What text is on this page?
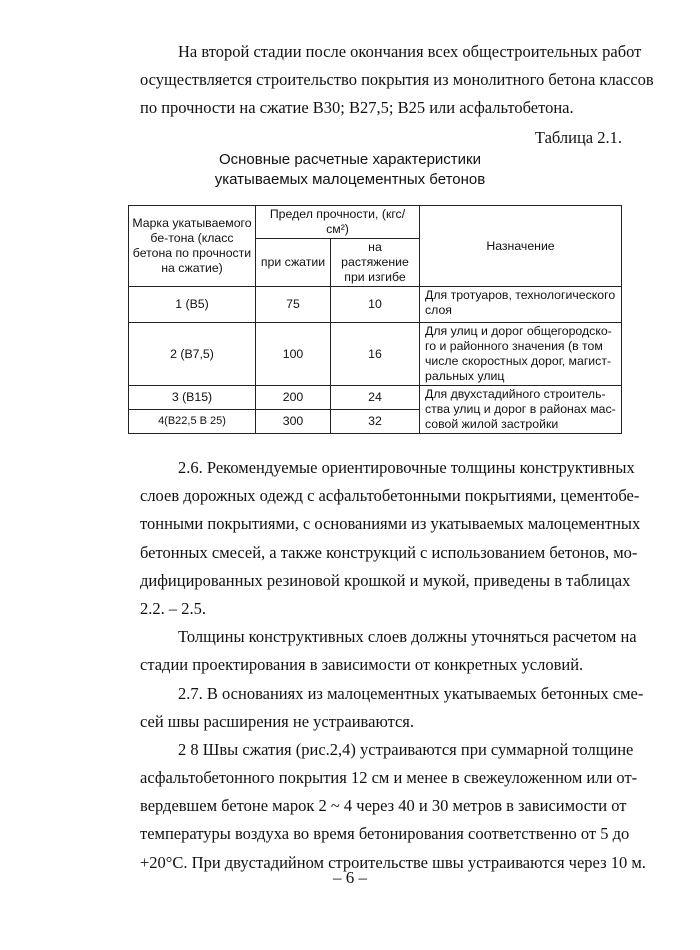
На второй стадии после окончания всех общестроительных работ
осуществляется строительство покрытия из монолитного бетона классов
по прочности на сжатие В30; В27,5; В25 или асфальтобетона.
Таблица 2.1.
Основные расчетные характеристики
укатываемых малоцементных бетонов
Марка укатываемого бе-тона (класс бетона по прочности на сжатие)	Предел прочности, (кгс/см²)		Назначение
	при сжатии	на растяжение при изгибе	
1 (В5)	75	10	Для тротуаров, технологического слоя
2 (В7,5)	100	16	Для улиц и дорог общегородско-го и районного значения (в том числе скоростных дорог, магист-ральных улиц
3 (В15)	200	24	Для двухстадийного строитель-ства улиц и дорог в районах мас-совой жилой застройки
4(В22,5 В 25)	300	32	
2.6. Рекомендуемые ориентировочные толщины конструктивных
слоев дорожных одежд с асфальтобетонными покрытиями, цементобе-
тонными покрытиями, с основаниями из укатываемых малоцементных
бетонных смесей, а также конструкций с использованием бетонов, мо-
дифицированных резиновой крошкой и мукой, приведены в таблицах
2.2. – 2.5.
Толщины конструктивных слоев должны уточняться расчетом на
стадии проектирования в зависимости от конкретных условий.
2.7. В основаниях из малоцементных укатываемых бетонных сме-
сей швы расширения не устраиваются.
2 8 Швы сжатия (рис.2,4) устраиваются при суммарной толщине
асфальтобетонного покрытия 12 см и менее в свежеуложенном или от-
вердевшем бетоне марок 2 ~ 4 через 40 и 30 метров в зависимости от
температуры воздуха во время бетонирования соответственно от 5 до
+20°С. При двустадийном строительстве швы устраиваются через 10 м.
– 6 –
